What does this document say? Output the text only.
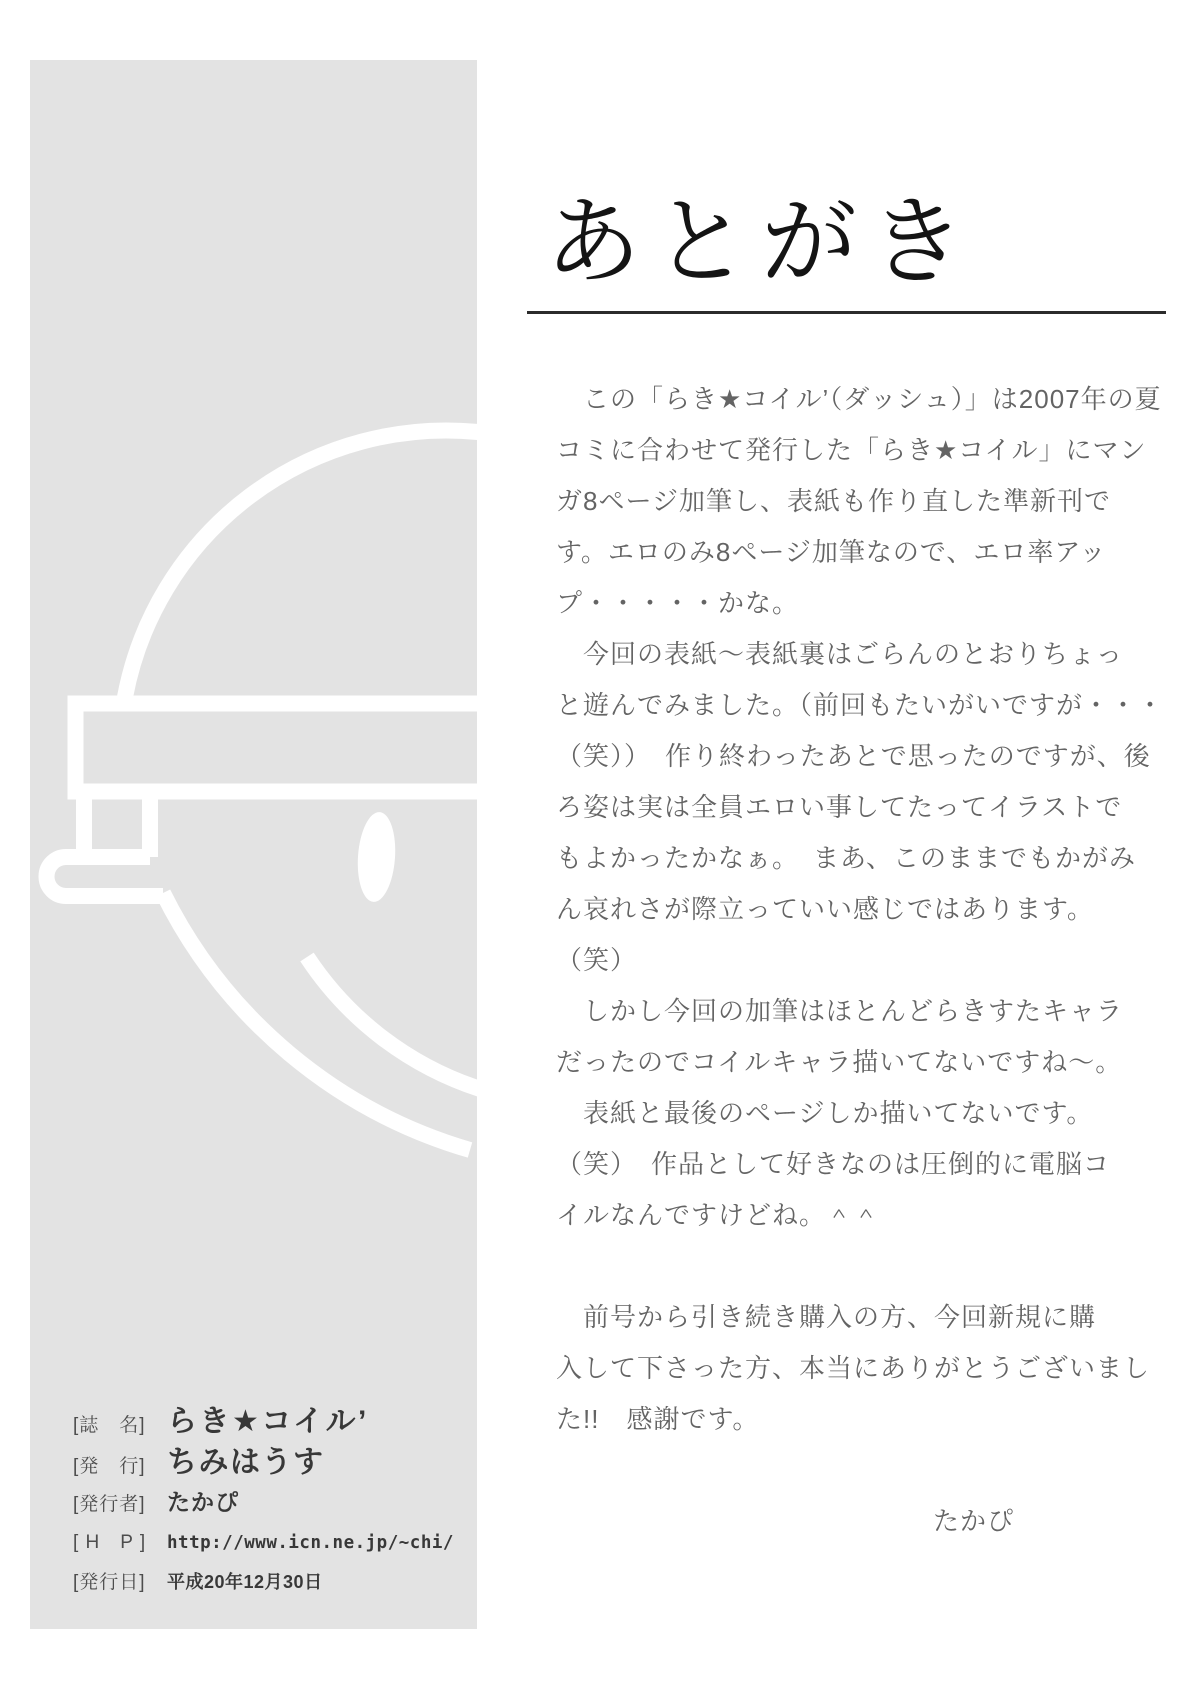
あとがき
　この「らき★コイル’（ダッシュ）」は2007年の夏
コミに合わせて発行した「らき★コイル」にマン
ガ8ページ加筆し、表紙も作り直した準新刊で
す。エロのみ8ページ加筆なので、エロ率アッ
プ・・・・・かな。
　今回の表紙〜表紙裏はごらんのとおりちょっ
と遊んでみました。（前回もたいがいですが・・・
（笑））　作り終わったあとで思ったのですが、後
ろ姿は実は全員エロい事してたってイラストで
もよかったかなぁ。　まあ、このままでもかがみ
ん哀れさが際立っていい感じではあります。
（笑）
　しかし今回の加筆はほとんどらきすたキャラ
だったのでコイルキャラ描いてないですね〜。
　表紙と最後のページしか描いてないです。
（笑）　作品として好きなのは圧倒的に電脳コ
イルなんですけどね。＾＾
　前号から引き続き購入の方、今回新規に購
入して下さった方、本当にありがとうございまし
た!!　感謝です。
たかぴ
[誌　名] らき★コイル’
[発　行] ちみはうす
[発行者] たかぴ
[ H　P ]	http://www.icn.ne.jp/~chi/
[発行日]	平成20年12月30日
